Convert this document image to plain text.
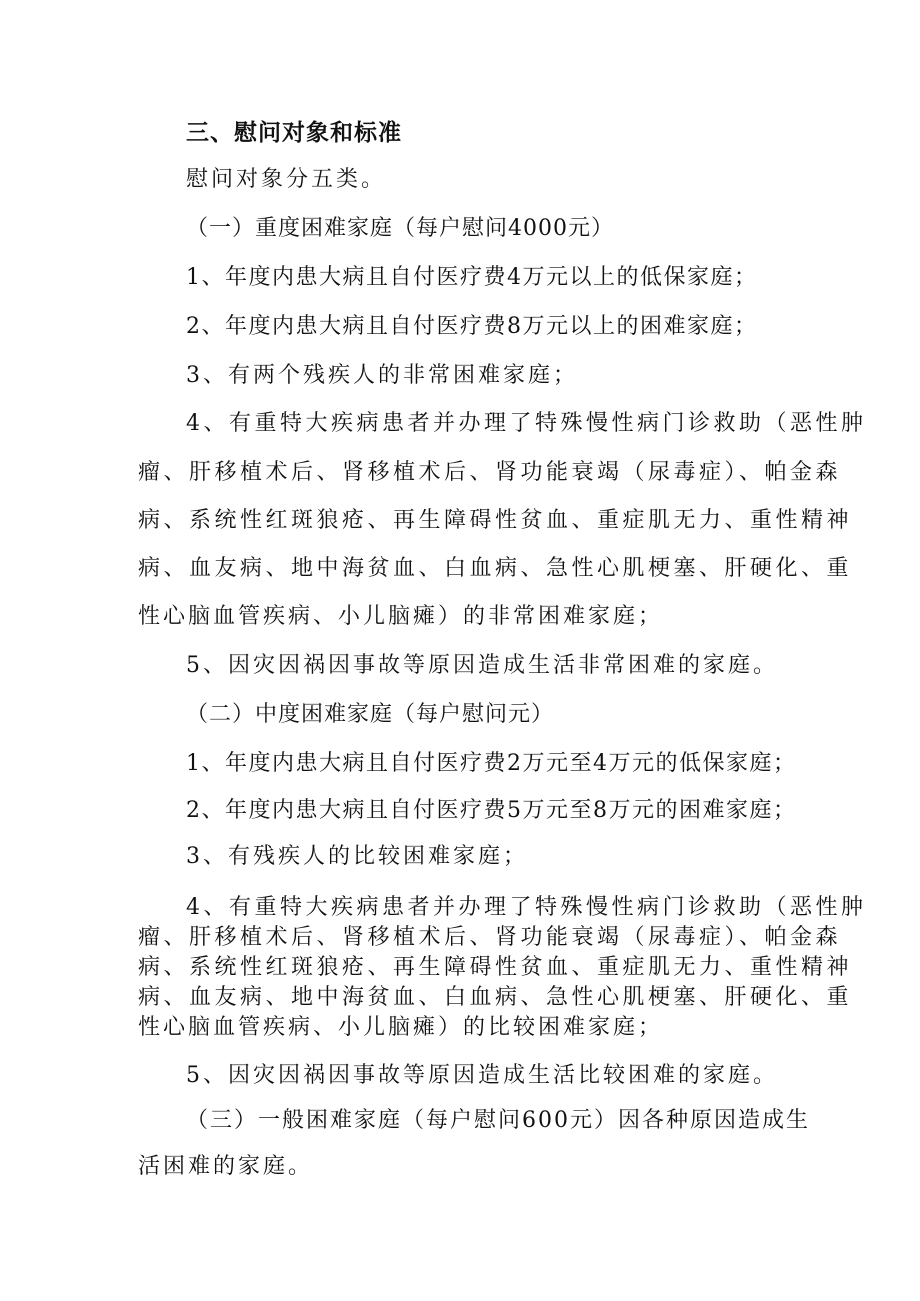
三、慰问对象和标准
慰问对象分五类。
（一）重度困难家庭（每户慰问4000元）
1、年度内患大病且自付医疗费4万元以上的低保家庭；
2、年度内患大病且自付医疗费8万元以上的困难家庭；
3、有两个残疾人的非常困难家庭；
4、有重特大疾病患者并办理了特殊慢性病门诊救助（恶性肿
瘤、肝移植术后、肾移植术后、肾功能衰竭（尿毒症）、帕金森
病、系统性红斑狼疮、再生障碍性贫血、重症肌无力、重性精神
病、血友病、地中海贫血、白血病、急性心肌梗塞、肝硬化、重
性心脑血管疾病、小儿脑瘫）的非常困难家庭；
5、因灾因祸因事故等原因造成生活非常困难的家庭。
（二）中度困难家庭（每户慰问元）
1、年度内患大病且自付医疗费2万元至4万元的低保家庭；
2、年度内患大病且自付医疗费5万元至8万元的困难家庭；
3、有残疾人的比较困难家庭；
4、有重特大疾病患者并办理了特殊慢性病门诊救助（恶性肿
瘤、肝移植术后、肾移植术后、肾功能衰竭（尿毒症）、帕金森
病、系统性红斑狼疮、再生障碍性贫血、重症肌无力、重性精神
病、血友病、地中海贫血、白血病、急性心肌梗塞、肝硬化、重
性心脑血管疾病、小儿脑瘫）的比较困难家庭；
5、因灾因祸因事故等原因造成生活比较困难的家庭。
（三）一般困难家庭（每户慰问600元）因各种原因造成生
活困难的家庭。
